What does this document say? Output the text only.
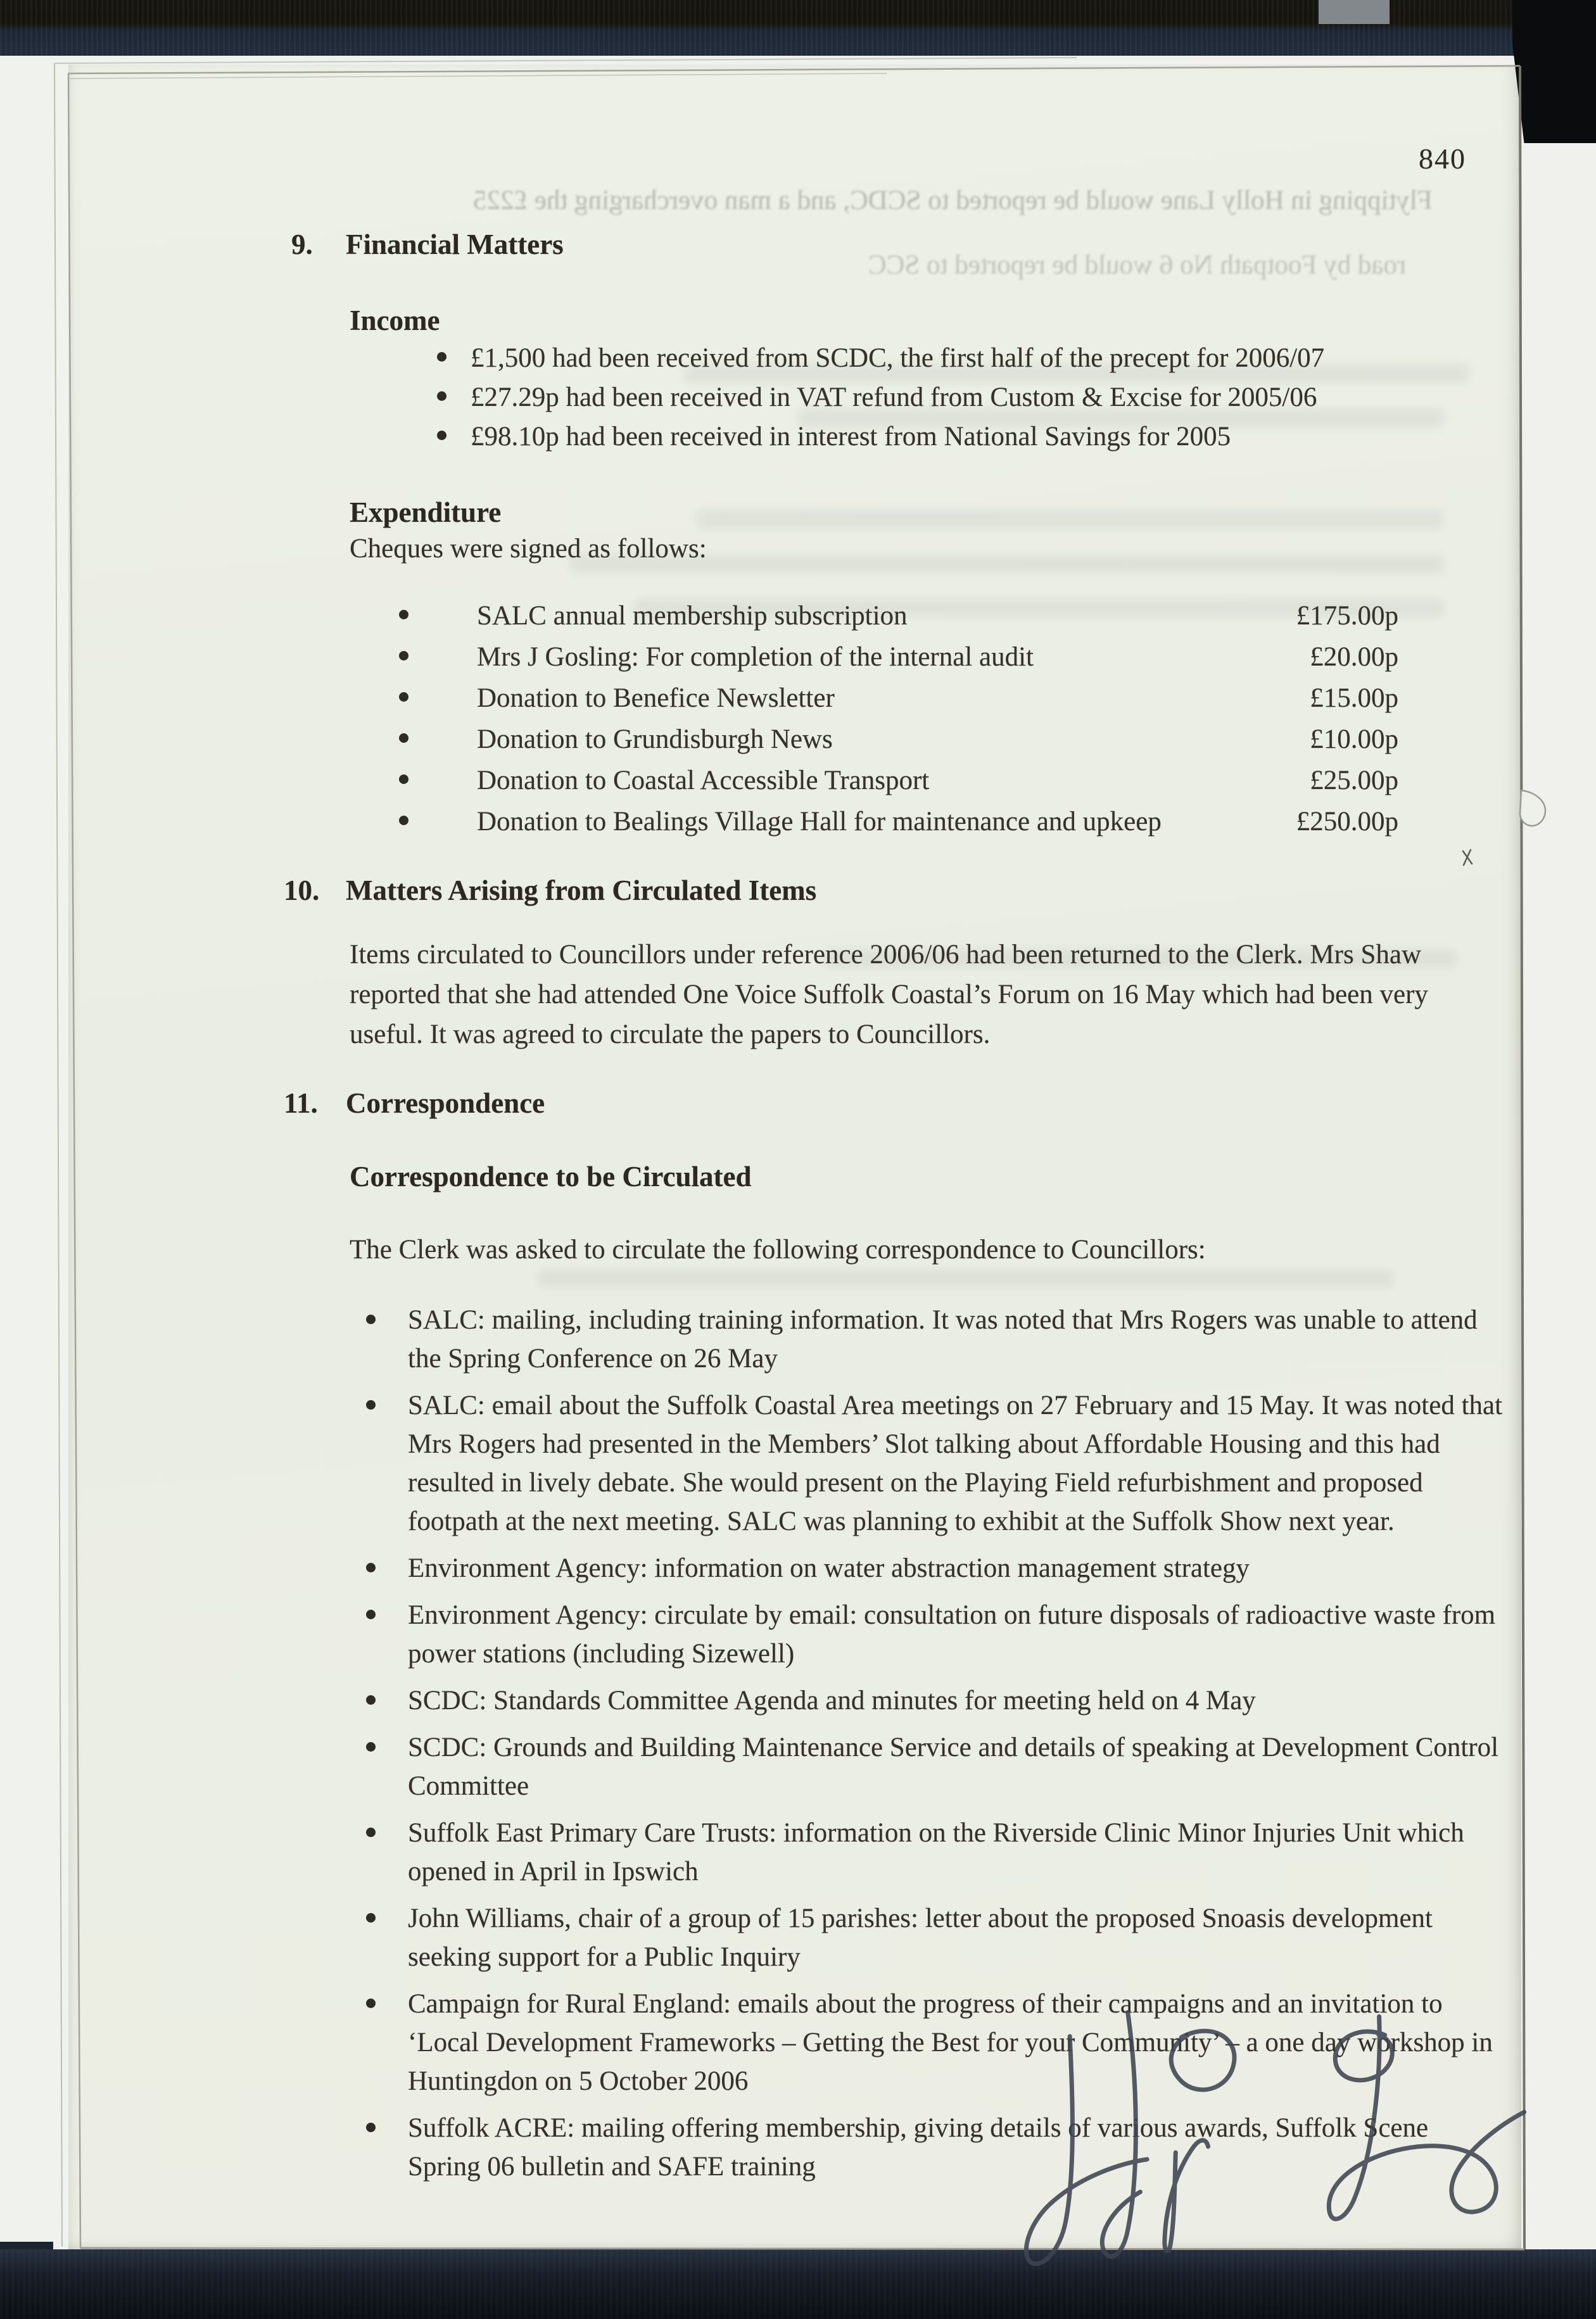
Flytipping in Holly Lane would be reported to SCDC, and a man overcharging the £225
road by Footpath No 6 would be reported to SCC
840
9. Financial Matters
Income
£1,500 had been received from SCDC, the first half of the precept for 2006/07
£27.29p had been received in VAT refund from Custom & Excise for 2005/06
£98.10p had been received in interest from National Savings for 2005
Expenditure
Cheques were signed as follows:
SALC annual membership subscription	£175.00p
Mrs J Gosling: For completion of the internal audit	£20.00p
Donation to Benefice Newsletter	£15.00p
Donation to Grundisburgh News	£10.00p
Donation to Coastal Accessible Transport	£25.00p
Donation to Bealings Village Hall for maintenance and upkeep	£250.00p
10. Matters Arising from Circulated Items
Items circulated to Councillors under reference 2006/06 had been returned to the Clerk. Mrs Shaw reported that she had attended One Voice Suffolk Coastal’s Forum on 16 May which had been very useful. It was agreed to circulate the papers to Councillors.
11. Correspondence
Correspondence to be Circulated
The Clerk was asked to circulate the following correspondence to Councillors:
SALC: mailing, including training information. It was noted that Mrs Rogers was unable to attend the Spring Conference on 26 May
SALC: email about the Suffolk Coastal Area meetings on 27 February and 15 May. It was noted that Mrs Rogers had presented in the Members’ Slot talking about Affordable Housing and this had resulted in lively debate. She would present on the Playing Field refurbishment and proposed footpath at the next meeting. SALC was planning to exhibit at the Suffolk Show next year.
Environment Agency: information on water abstraction management strategy
Environment Agency: circulate by email: consultation on future disposals of radioactive waste from power stations (including Sizewell)
SCDC: Standards Committee Agenda and minutes for meeting held on 4 May
SCDC: Grounds and Building Maintenance Service and details of speaking at Development Control Committee
Suffolk East Primary Care Trusts: information on the Riverside Clinic Minor Injuries Unit which opened in April in Ipswich
John Williams, chair of a group of 15 parishes: letter about the proposed Snoasis development seeking support for a Public Inquiry
Campaign for Rural England: emails about the progress of their campaigns and an invitation to ‘Local Development Frameworks – Getting the Best for your Community’ – a one day workshop in Huntingdon on 5 October 2006
Suffolk ACRE: mailing offering membership, giving details of various awards, Suffolk Scene Spring 06 bulletin and SAFE training
